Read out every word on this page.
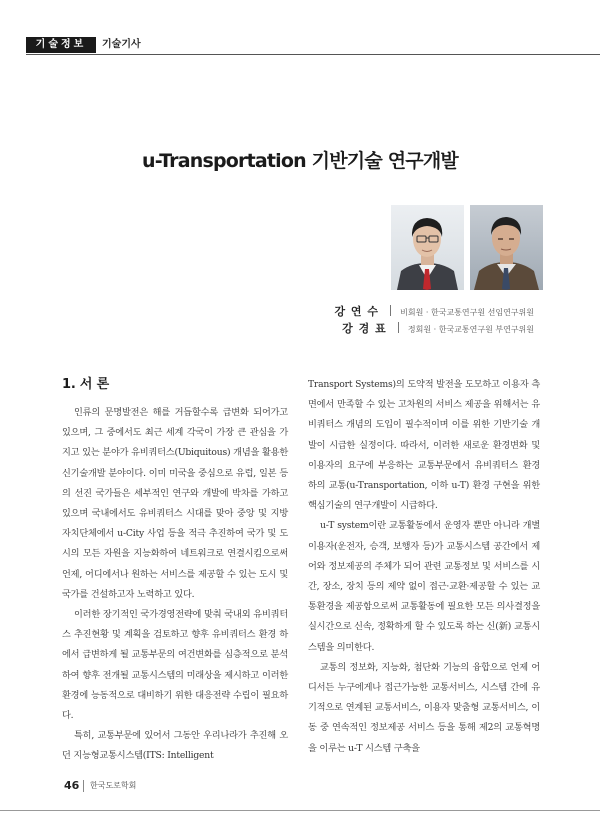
기술정보	기술기사
u-Transportation 기반기술 연구개발
강 연 수	비회원 · 한국교통연구원 선임연구위원
강 경 표	정회원 · 한국교통연구원 부연구위원
1. 서 론

인류의 문명발전은 해를 거듭할수록 급변화 되어가고 있으며, 그 중에서도 최근 세계 각국이 가장 큰 관심을 가지고 있는 분야가 유비쿼터스(Ubiquitous) 개념을 활용한 신기술개발 분야이다. 이미 미국을 중심으로 유럽, 일본 등의 선진 국가들은 세부적인 연구와 개발에 박차를 가하고 있으며 국내에서도 유비쿼터스 시대를 맞아 중앙 및 지방자치단체에서 u-City 사업 등을 적극 추진하여 국가 및 도시의 모든 자원을 지능화하여 네트워크로 연결시킴으로써 언제, 어디에서나 원하는 서비스를 제공할 수 있는 도시 및 국가를 건설하고자 노력하고 있다.

이러한 장기적인 국가경영전략에 맞춰 국내외 유비쿼터스 추진현황 및 계획을 검토하고 향후 유비쿼터스 환경 하에서 급변하게 될 교통부문의 여건변화를 심층적으로 분석하여 향후 전개될 교통시스템의 미래상을 제시하고 이러한 환경에 능동적으로 대비하기 위한 대응전략 수립이 필요하다.

특히, 교통부문에 있어서 그동안 우리나라가 추진해 오던 지능형교통시스템(ITS: Intelligent

Transport Systems)의 도약적 발전을 도모하고 이용자 측면에서 만족할 수 있는 고차원의 서비스 제공을 위해서는 유비쿼터스 개념의 도입이 필수적이며 이를 위한 기반기술 개발이 시급한 실정이다. 따라서, 이러한 새로운 환경변화 및 이용자의 요구에 부응하는 교통부문에서 유비쿼터스 환경 하의 교통(u-Transportation, 이하 u-T) 환경 구현을 위한 핵심기술의 연구개발이 시급하다.

u-T system이란 교통활동에서 운영자 뿐만 아니라 개별이용자(운전자, 승객, 보행자 등)가 교통시스템 공간에서 제어와 정보제공의 주체가 되어 관련 교통정보 및 서비스를 시간, 장소, 장치 등의 제약 없이 접근·교환·제공할 수 있는 교통환경을 제공함으로써 교통활동에 필요한 모든 의사결정을 실시간으로 신속, 정확하게 할 수 있도록 하는 신(新) 교통시스템을 의미한다.

교통의 정보화, 지능화, 첨단화 기능의 융합으로 언제 어디서든 누구에게나 접근가능한 교통서비스, 시스템 간에 유기적으로 연계된 교통서비스, 이용자 맞춤형 교통서비스, 이동 중 연속적인 정보제공 서비스 등을 통해 제2의 교통혁명을 이루는 u-T 시스템 구축을

46 한국도로학회
